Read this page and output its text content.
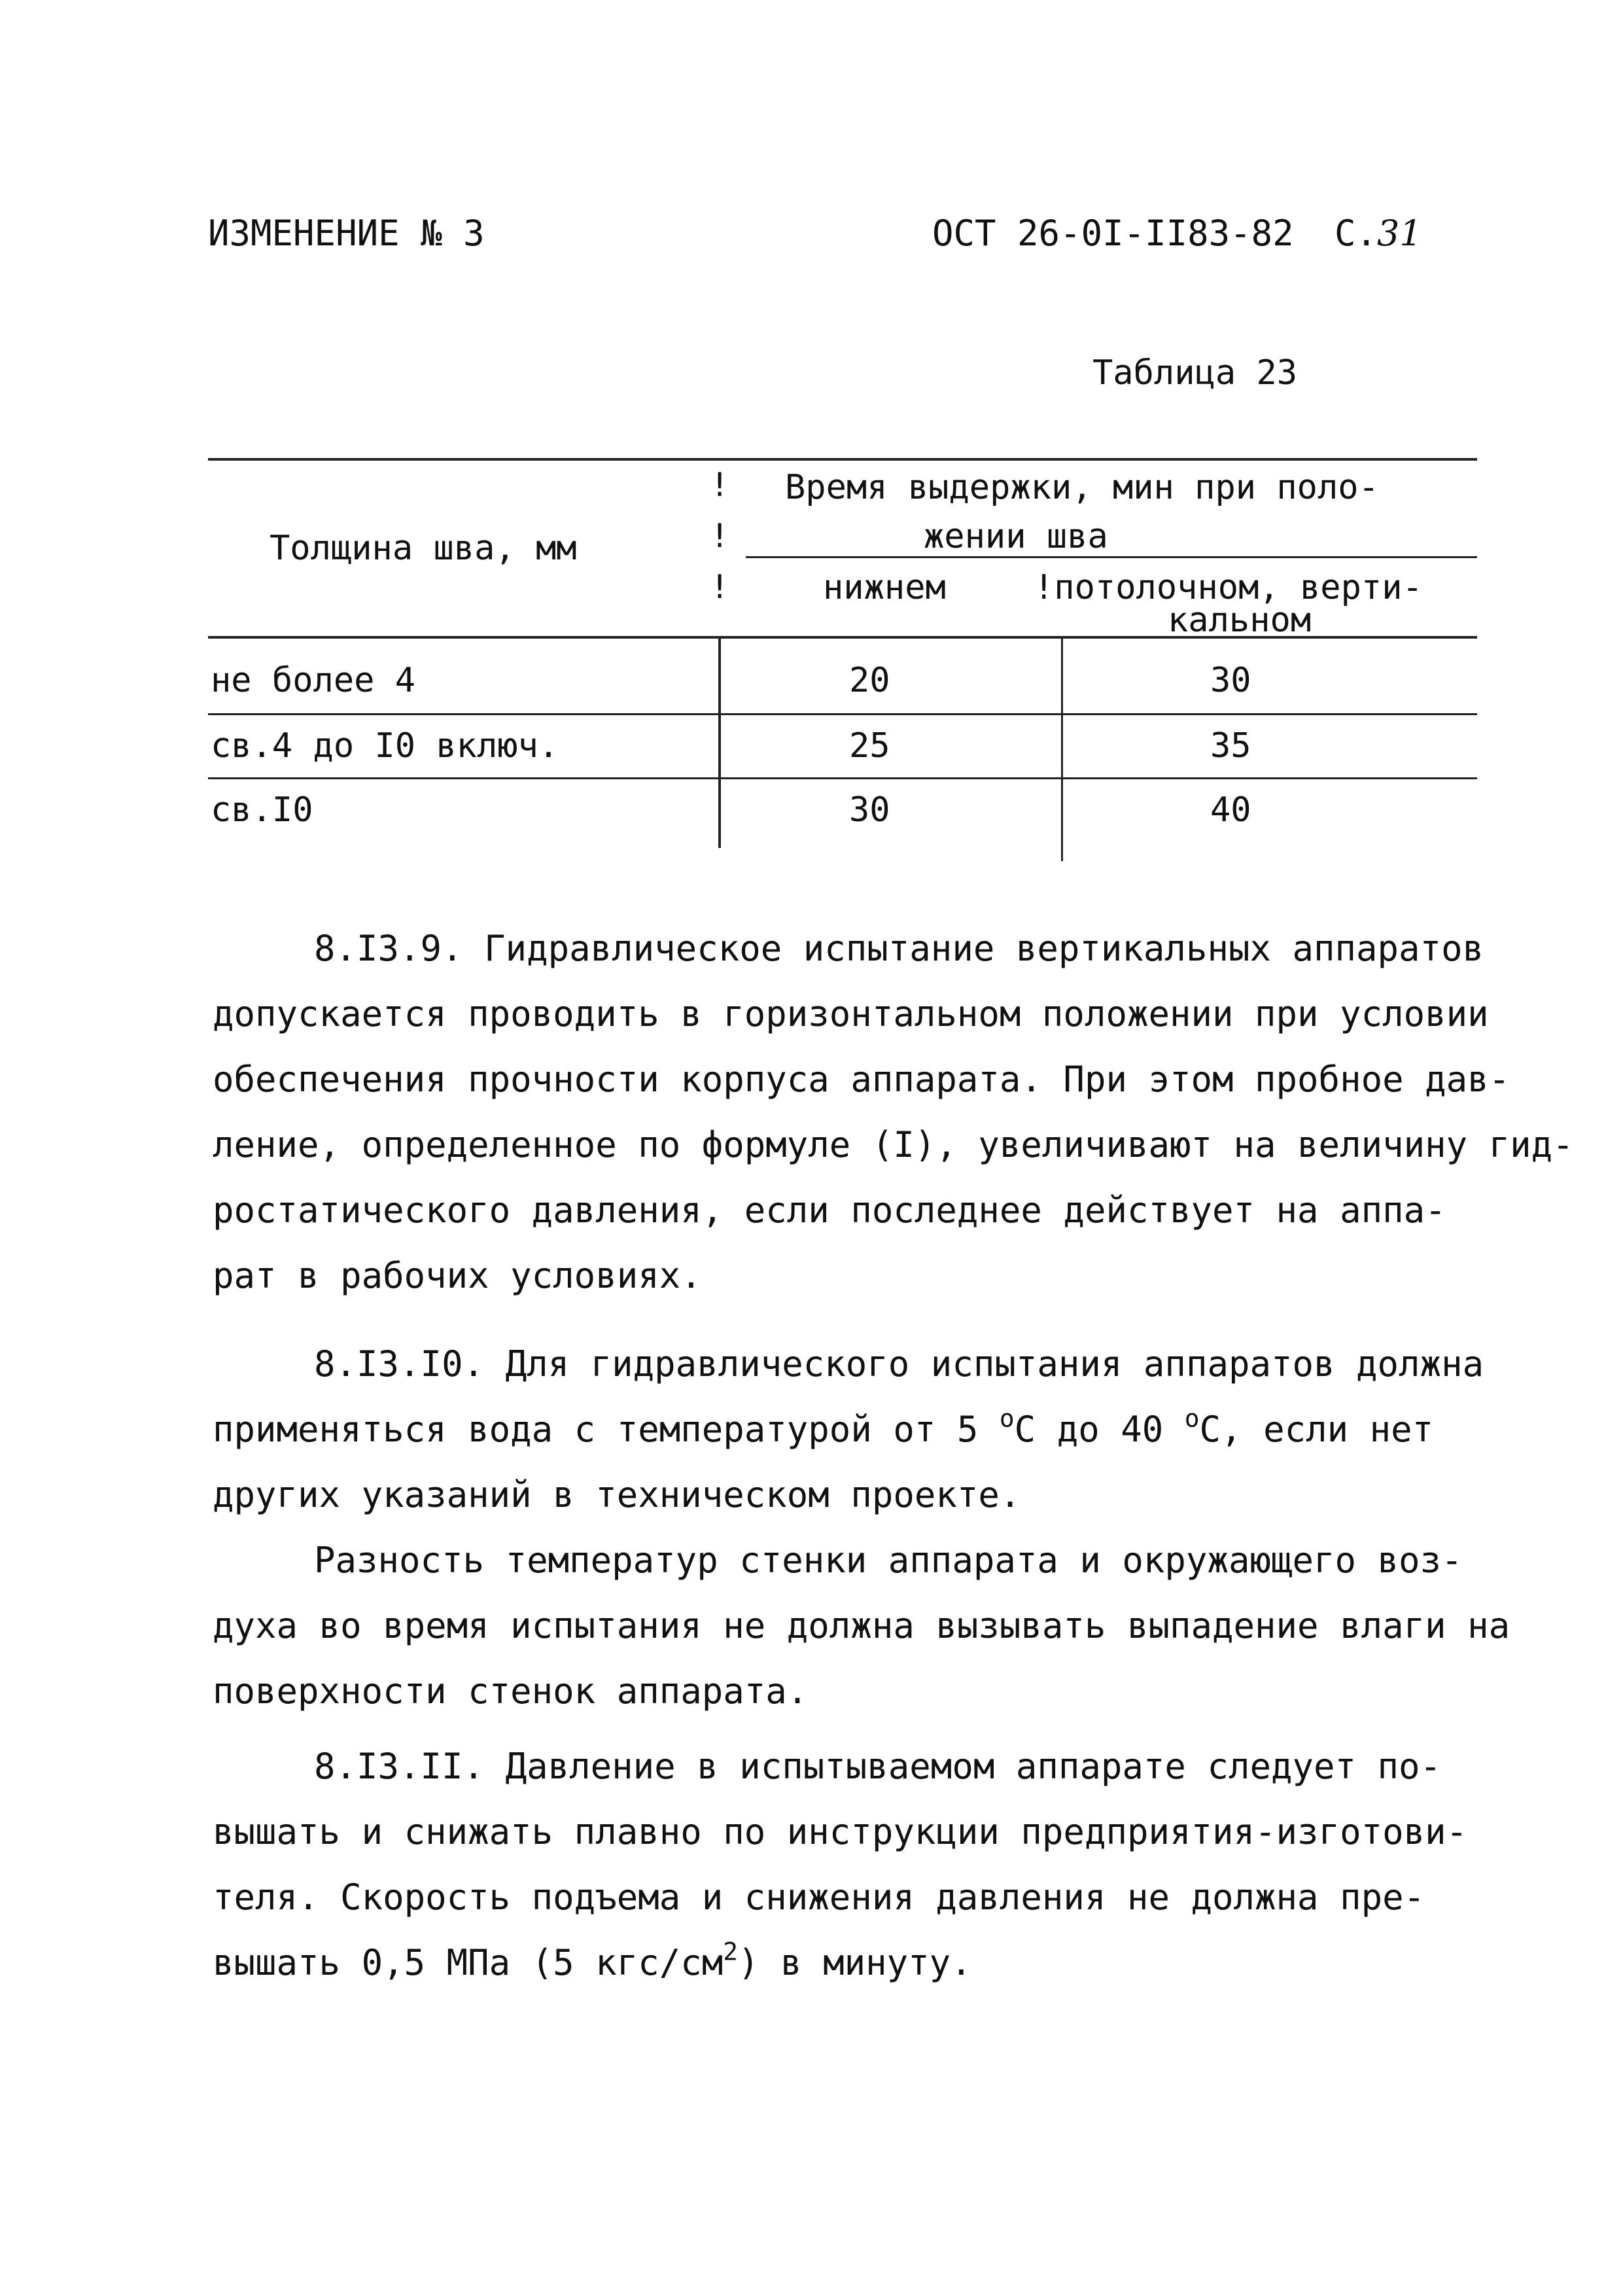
ИЗМЕНЕНИЕ № 3	ОСТ 26-0I-II83-82 С.31
Таблица 23
!
!
!
Толщина шва, мм
Время выдержки, мин при поло-
жении шва
нижнем	!потолочном, верти-
кальном
не более 4	20	30
св.4 до I0 включ.	25	35
св.I0	30	40
8.I3.9. Гидравлическое испытание вертикальных аппаратов
допускается проводить в горизонтальном положении при условии
обеспечения прочности корпуса аппарата. При этом пробное дав-
ление, определенное по формуле (I), увеличивают на величину гид-
ростатического давления, если последнее действует на аппа-
рат в рабочих условиях.
8.I3.I0. Для гидравлического испытания аппаратов должна
применяться вода с температурой от 5 $^о$С до 40 $^о$С, если нет
других указаний в техническом проекте.
Разность температур стенки аппарата и окружающего воз-
духа во время испытания не должна вызывать выпадение влаги на
поверхности стенок аппарата.
8.I3.II. Давление в испытываемом аппарате следует по-
вышать и снижать плавно по инструкции предприятия-изготови-
теля. Скорость подъема и снижения давления не должна пре-
вышать 0,5 МПа (5 кгс/$см^2$) в минуту.
